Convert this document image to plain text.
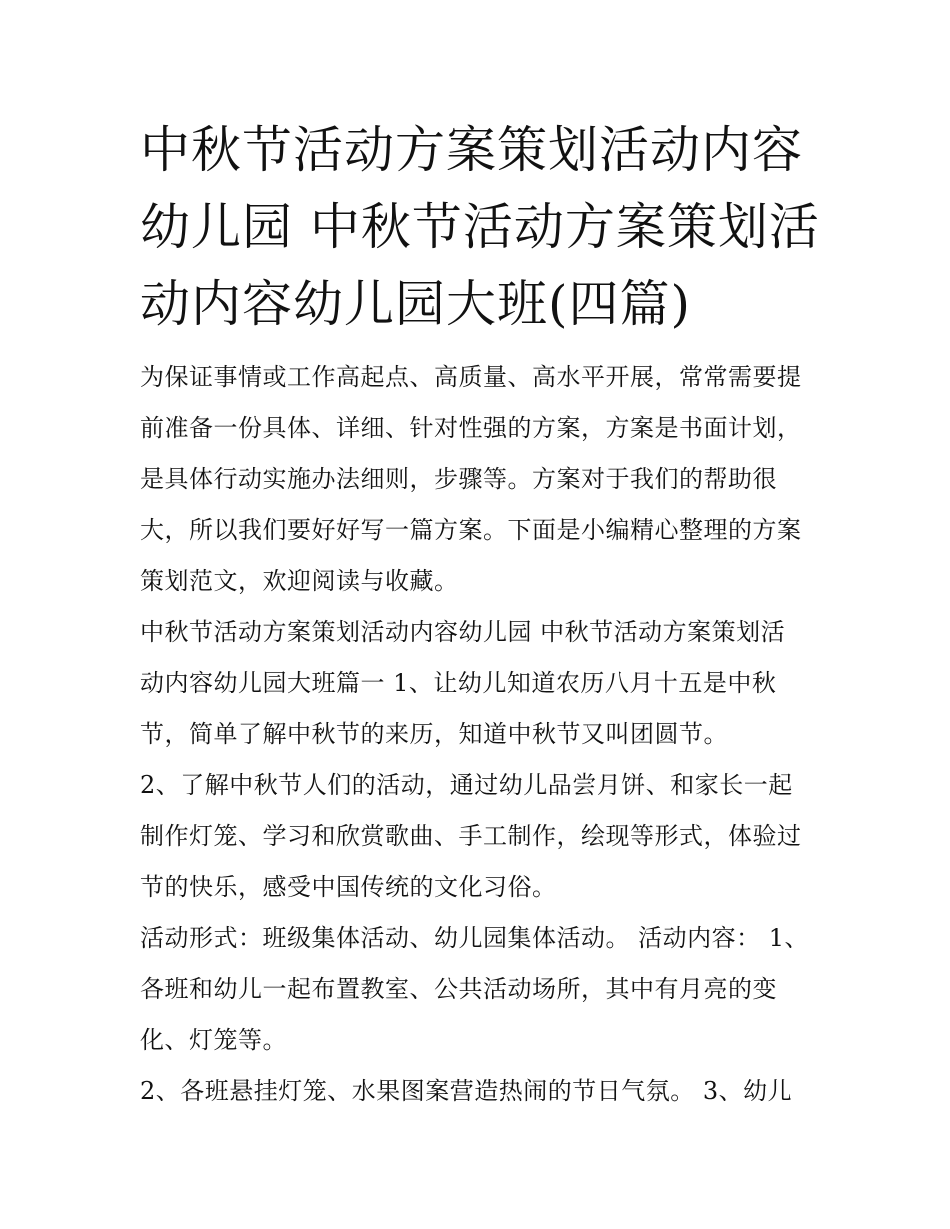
中秋节活动方案策划活动内容
幼儿园 中秋节活动方案策划活
动内容幼儿园大班(四篇)
为保证事情或工作高起点、高质量、高水平开展，常常需要提
前准备一份具体、详细、针对性强的方案，方案是书面计划，
是具体行动实施办法细则，步骤等。方案对于我们的帮助很
大，所以我们要好好写一篇方案。下面是小编精心整理的方案
策划范文，欢迎阅读与收藏。
中秋节活动方案策划活动内容幼儿园 中秋节活动方案策划活
动内容幼儿园大班篇一 1、让幼儿知道农历八月十五是中秋
节，简单了解中秋节的来历，知道中秋节又叫团圆节。
2、了解中秋节人们的活动，通过幼儿品尝月饼、和家长一起
制作灯笼、学习和欣赏歌曲、手工制作，绘现等形式，体验过
节的快乐，感受中国传统的文化习俗。
活动形式：班级集体活动、幼儿园集体活动。 活动内容： 1、
各班和幼儿一起布置教室、公共活动场所，其中有月亮的变
化、灯笼等。
2、各班悬挂灯笼、水果图案营造热闹的节日气氛。 3、幼儿
